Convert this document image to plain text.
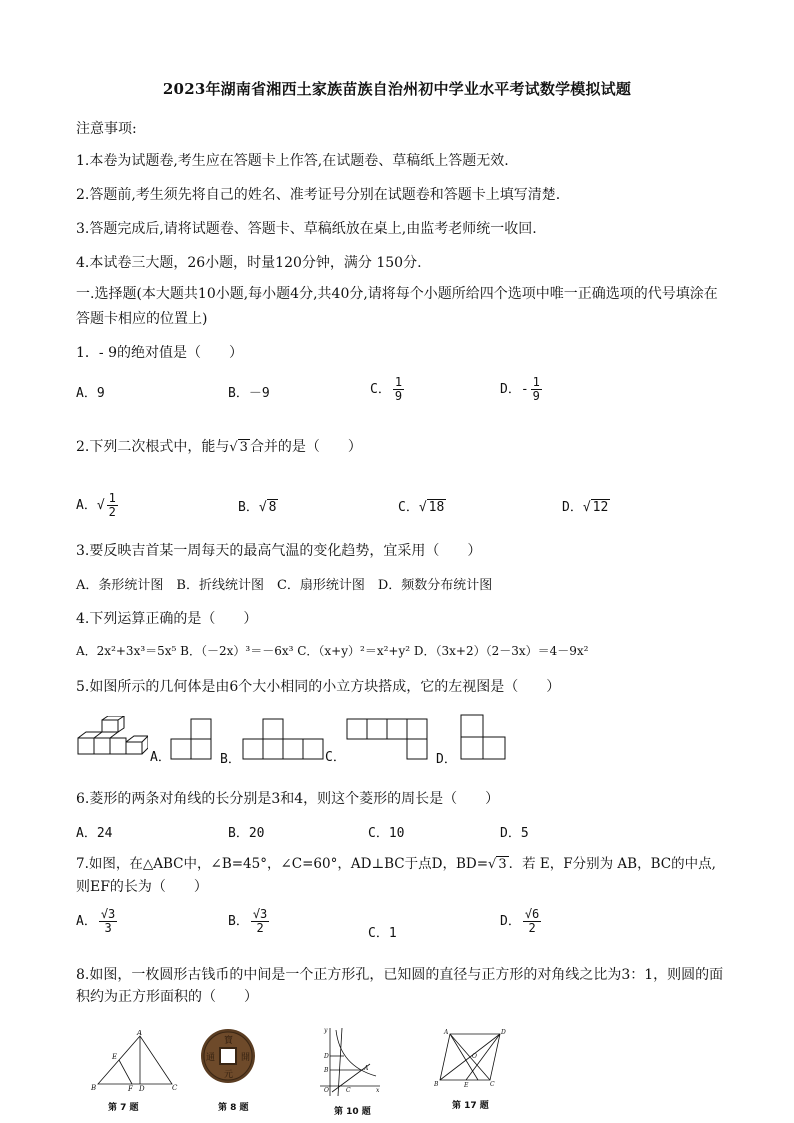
2023年湖南省湘西土家族苗族自治州初中学业水平考试数学模拟试题
注意事项:
1.本卷为试题卷,考生应在答题卡上作答,在试题卷、草稿纸上答题无效.
2.答题前,考生须先将自己的姓名、准考证号分别在试题卷和答题卡上填写清楚.
3.答题完成后,请将试题卷、答题卡、草稿纸放在桌上,由监考老师统一收回.
4.本试卷三大题，26小题，时量120分钟，满分 150分.
一.选择题(本大题共10小题,每小题4分,共40分,请将每个小题所给四个选项中唯一正确选项的代号填涂在答题卡相应的位置上)
1．- 9的绝对值是（　　）
A．9	B．－9	C． $\frac{1}{9}$	D．- $\frac{1}{9}$
2.下列二次根式中，能与√ 3 合并的是（　　）
A．√ $\frac{1}{2}$	B．√ 8	C．√ 18	D．√ 12
3.要反映吉首某一周每天的最高气温的变化趋势，宜采用（　　）
A．条形统计图　B．折线统计图　C．扇形统计图　D．频数分布统计图
4.下列运算正确的是（　　）
A．2x²+3x³＝5x⁵ B．（－2x）³＝－6x³ C．（x+y）²＝x²+y² D．（3x+2）（2－3x）＝4－9x²
5.如图所示的几何体是由6个大小相同的小立方块搭成，它的左视图是（　　）
A．	B．	C．	D．
6.菱形的两条对角线的长分别是3和4，则这个菱形的周长是（　　）
A．24	B．20	C．10	D．5
7.如图，在△ABC中，∠B=45°，∠C=60°，AD⊥BC于点D，BD=√ 3 ．若 E，F分别为 AB，BC的中点,
则EF的长为（　　）
A． $\frac{√3}{3}$	B． $\frac{√3}{2}$	C．1
D． $\frac{√6}{2}$
8.如图，一枚圆形古钱币的中间是一个正方形孔，已知圆的直径与正方形的对角线之比为3：1，则圆的面
积约为正方形面积的（　　）
A
E
B	F D	C
第 7 题
寶
元
通	開
第 8 题
y
D
B	A
O	C	x
第 10 题
A	D
O
B	E	C
第 17 题
